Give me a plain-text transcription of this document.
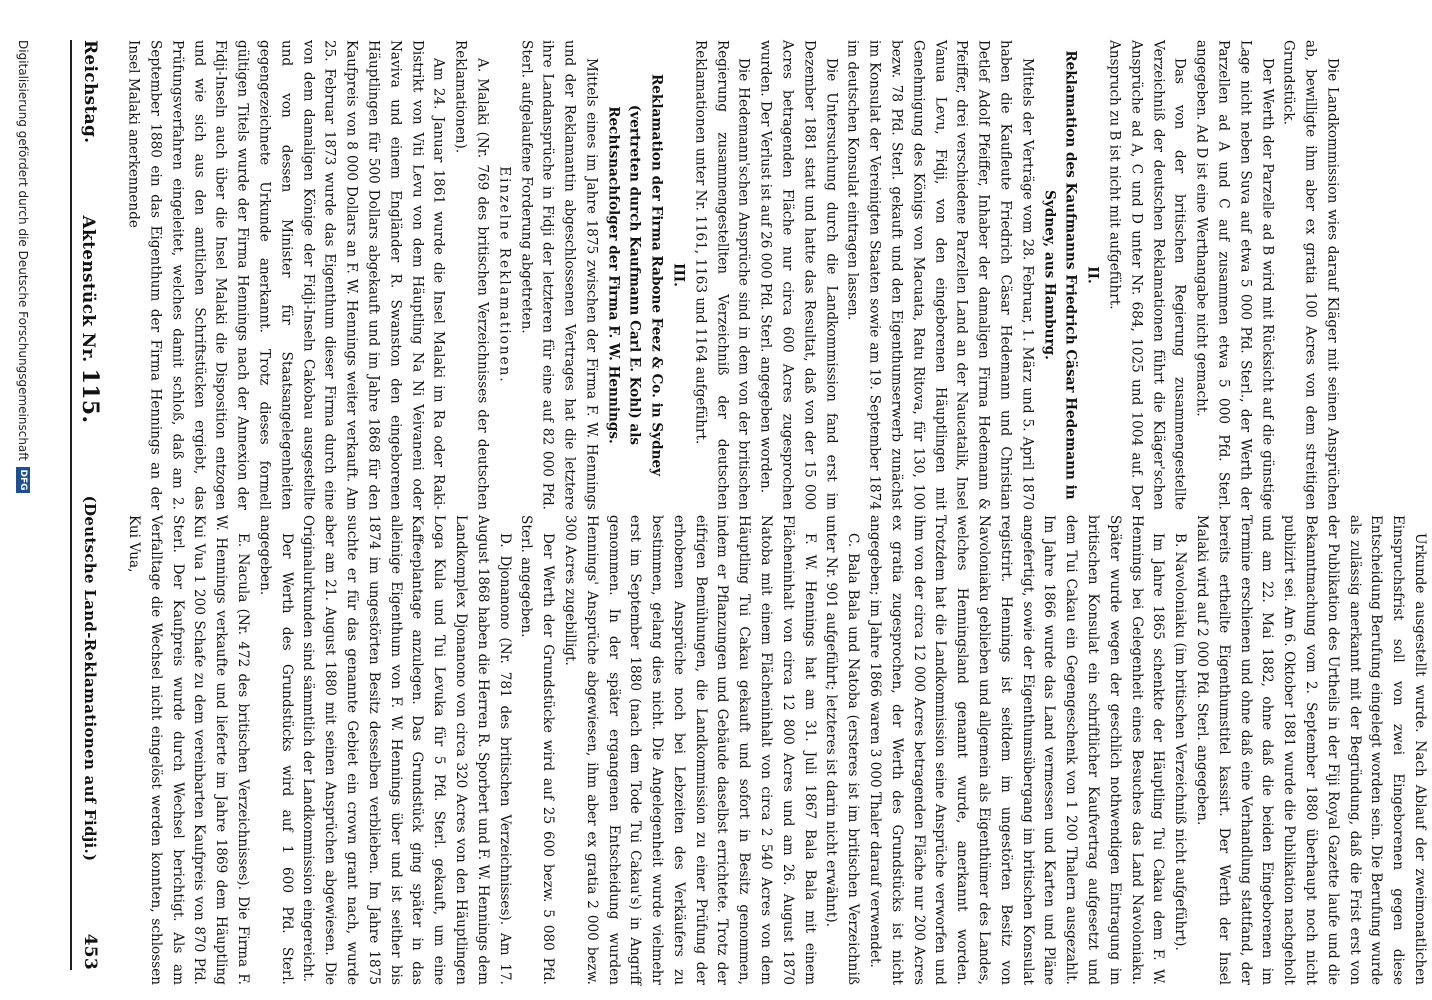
Reichstag.
Aktenstück Nr. 115.
(Deutsche Land-Reklamationen auf Fidji.)
453

Die Landkommission wies darauf Kläger mit seinen Ansprüchen ab, bewilligte ihm aber ex gratia 100 Acres von dem streitigen Grundstück.

Der Werth der Parzelle ad B wird mit Rücksicht auf die günstige Lage nicht neben Suva auf etwa 5 000 Pfd. Sterl., der Werth der Parzellen ad A und C auf zusammen etwa 5 000 Pfd. Sterl. angegeben. Ad D ist eine Werthangabe nicht gemacht.

Das von der britischen Regierung zusammengestellte Verzeichniß der deutschen Reklamationen führt die Kläger'schen Ansprüche ad A, C und D unter Nr. 684, 1025 und 1004 auf. Der Anspruch zu B ist nicht mit aufgeführt.

II.

Reklamation des Kaufmanns Friedrich Cäsar Hedemann in Sydney, aus Hamburg.

Mittels der Verträge vom 28. Februar, 1. März und 5. April 1870 haben die Kaufleute Friedrich Cäsar Hedemann und Christian Detlef Adolf Pfeiffer, Inhaber der damaligen Firma Hedemann & Pfeiffer, drei verschiedene Parzellen Land an der Naucatalik, Insel Vanua Levu, Fidji, von den eingeborenen Häuptlingen mit Genehmigung des Königs von Macuata, Ratu Ritova, für 130, 100 bezw. 78 Pfd. Sterl. gekauft und den Eigenthumserwerb zunächst im Konsulat der Vereinigten Staaten sowie am 19. September 1874 im deutschen Konsulat eintragen lassen.

Die Untersuchung durch die Landkommission fand erst im Dezember 1881 statt und hatte das Resultat, daß von der 15 000 Acres betragenden Fläche nur circa 600 Acres zugesprochen wurden. Der Verlust ist auf 26 000 Pfd. Sterl. angegeben worden.

Die Hedemann'schen Ansprüche sind in dem von der britischen Regierung zusammengestellten Verzeichniß der deutschen Reklamationen unter Nr. 1161, 1163 und 1164 aufgeführt.

III.

Reklamation der Firma Rabone Feez & Co. in Sydney (vertreten durch Kaufmann Carl E. Kohl) als Rechtsnachfolger der Firma F. W. Hennings.

Mittels eines im Jahre 1875 zwischen der Firma F. W. Hennings und der Reklamantin abgeschlossenen Vertrages hat die letztere ihre Landansprüche in Fidji der letzteren für eine auf 82 000 Pfd. Sterl. aufgelaufene Forderung abgetreten.

Einzelne Reklamationen.

A. Malaki (Nr. 769 des britischen Verzeichnisses der deutschen Reklamationen).

Am 24. Januar 1861 wurde die Insel Malaki im Ra oder Raki-Distrikt von Viti Levu von dem Häuptling Na Ni Veivaneni oder Naviva und einem Engländer R. Swanston den eingeborenen Häuptlingen für 500 Dollars abgekauft und im Jahre 1868 für den Kaufpreis von 8 000 Dollars an F. W. Hennings weiter verkauft. Am 25. Februar 1873 wurde das Eigenthum dieser Firma durch eine von dem damaligen Könige der Fidji-Inseln Cakobau ausgestellte und von dessen Minister für Staatsangelegenheiten gegengezeichnete Urkunde anerkannt. Trotz dieses formell gültigen Titels wurde der Firma Hennings nach der Annexion der Fidji-Inseln auch über die Insel Malaki die Disposition entzogen und wie sich aus den amtlichen Schriftstücken ergiebt, das Prüfungsverfahren eingeleitet, welches damit schloß, daß am 2. September 1880 ein das Eigenthum der Firma Hennings an der Insel Malaki anerkennende

Urkunde ausgestellt wurde. Nach Ablauf der zweimonatlichen Einspruchsfrist soll von zwei Eingeborenen gegen diese Entscheidung Berufung eingelegt worden sein. Die Berufung wurde als zulässig anerkannt mit der Begründung, daß die Frist erst von der Publikation des Urtheils in der Fiji Royal Gazette laufe und die Bekanntmachung vom 2. September 1880 überhaupt noch nicht publizirt sei. Am 6. Oktober 1881 wurde die Publikation nachgeholt und am 22. Mai 1882, ohne daß die beiden Eingeborenen im Termine erschienen und ohne daß eine Verhandlung stattfand, der bereits ertheilte Eigenthumstitel kassirt. Der Werth der Insel Malaki wird auf 2 000 Pfd. Sterl. angegeben.

B. Navoloniaku (im britischen Verzeichniß nicht aufgeführt).

Im Jahre 1865 schenkte der Häuptling Tui Cakau dem F. W. Hennings bei Gelegenheit eines Besuches das Land Navoloniaku. Später wurde wegen der geschlich nothwendigen Eintragung im britischen Konsulat ein schriftlicher Kaufvertrag aufgesetzt und dem Tui Cakau ein Gegengeschenk von 1 200 Thalern ausgezahlt. Im Jahre 1866 wurde das Land vermessen und Karten und Pläne angefertigt, sowie der Eigenthumsübergang im britischen Konsulat registrirt. Hennings ist seitdem im ungestörten Besitz von Navoloniaku geblieben und allgemein als Eigenthümer des Landes, welches Henningsland genannt wurde, anerkannt worden. Trotzdem hat die Landkommission seine Ansprüche verworfen und ihm von der circa 12 000 Acres betragenden Fläche nur 200 Acres ex gratia zugesprochen, der Werth des Grundstücks ist nicht angegeben; im Jahre 1866 waren 3 000 Thaler darauf verwendet.

C. Bala Bala und Natoba (ersteres ist im britischen Verzeichniß unter Nr. 901 aufgeführt; letzteres ist darin nicht erwähnt).

F. W. Hennings hat am 31. Juli 1867 Bala Bala mit einem Flächeninhalt von circa 12 800 Acres und am 26. August 1870 Natoba mit einem Flächeninhalt von circa 2 540 Acres von dem Häuptling Tui Cakau gekauft und sofort in Besitz genommen, indem er Pflanzungen und Gebäude daselbst errichtete. Trotz der eifrigen Bemühungen, die Landkommission zu einer Prüfung der erhobenen Ansprüche noch bei Lebzeiten des Verkäufers zu bestimmen, gelang dies nicht. Die Angelegenheit wurde vielmehr erst im September 1880 (nach dem Tode Tui Cakau's) in Angriff genommen. In der später ergangenen Entscheidung wurden Hennings' Ansprüche abgewiesen, ihm aber ex gratia 2 000 bezw. 300 Acres zugebilligt.

Der Werth der Grundstücke wird auf 25 600 bezw. 5 080 Pfd. Sterl. angegeben.

D. Djonanono (Nr. 781 des britischen Verzeichnisses). Am 17. August 1868 haben die Herren R. Sporbert und F. W. Hennings dem Landkomplex Djonanono von circa 320 Acres von den Häuptlingen Loga Kula und Tui Levuka für 5 Pfd. Sterl. gekauft, um eine Kaffeeplantage anzulegen. Das Grundstück ging später in das alleinige Eigenthum von F. W. Hennings über und ist seither bis 1874 im ungestörten Besitz desselben verblieben. Im Jahre 1875 suchte er für das genannte Gebiet ein crown grant nach, wurde aber am 21. August 1880 mit seinen Ansprüchen abgewiesen. Die Originalurkunden sind sämmtlich der Landkommission eingereicht.

Der Werth des Grundstücks wird auf 1 600 Pfd. Sterl. angegeben.

E. Nacula (Nr. 472 des britischen Verzeichnisses). Die Firma F. W. Hennings verkaufte und lieferte im Jahre 1869 dem Häuptling Kui Vua 1 200 Schafe zu dem vereinbarten Kaufpreis von 870 Pfd. Sterl. Der Kaufpreis wurde durch Wechsel berichtigt. Als am Verfalltage die Wechsel nicht eingelöst werden konnten, schlossen Kui Vua,

Digitalisierung gefördert durch die Deutsche Forschungsgemeinschaft
DFG
